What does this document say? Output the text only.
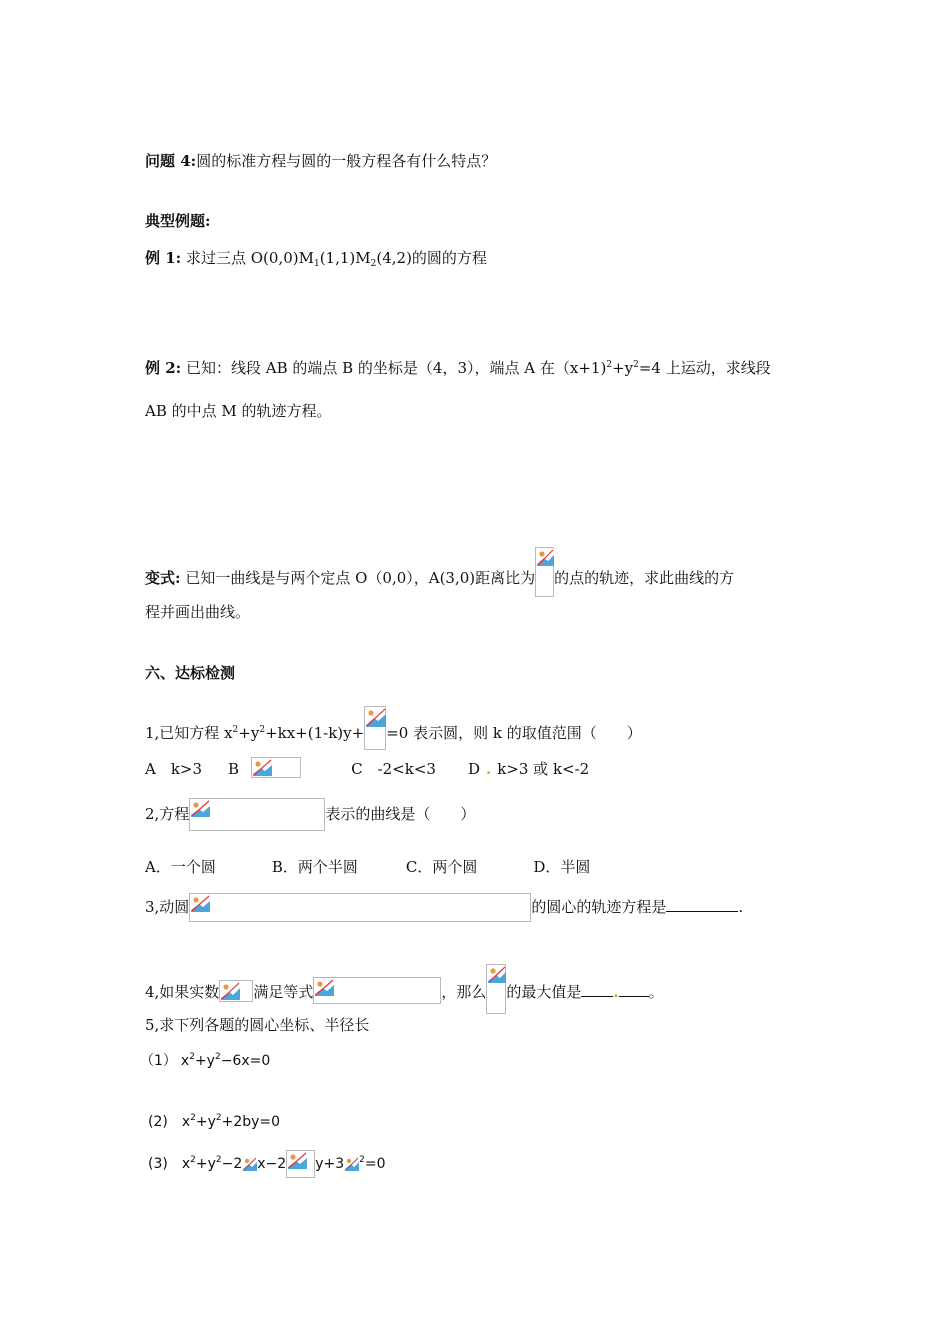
问题 4:圆的标准方程与圆的一般方程各有什么特点？
典型例题:
例 1: 求过三点 $O(0,0)M_1(1,1)M_2(4,2)$的圆的方程
例 2: 已知：线段 AB 的端点 B 的坐标是（4，3），端点 A 在$(x+1)^2+y^2=4$ 上运动，求线段
AB 的中点 M 的轨迹方程。
变式: 已知一曲线是与两个定点 O（0,0），A(3,0)距离比为 的点的轨迹，求此曲线的方
程并画出曲线。
六、达标检测
1,已知方程 $x^2+y^2+kx+(1-k)y+ =0$ 表示圆，则 k 的取值范围（　　）
A　k>3 B	C　-2<k<3 D . k>3 或 k<-2
2,方程	表示的曲线是（　　）
A．一个圆	B．两个半圆	C．两个圆	D．半圆
3,动圆	的圆心的轨迹方程是	.
4,如果实数 满足等式	，那么 的最大值是 . 。
5,求下列各题的圆心坐标、半径长
（1） $x^2+y^2-6x=0$
(2) $x^2+y^2+2by=0$
(3) $x^2+y^2-2$ x−2 y+3 $^2$=0
